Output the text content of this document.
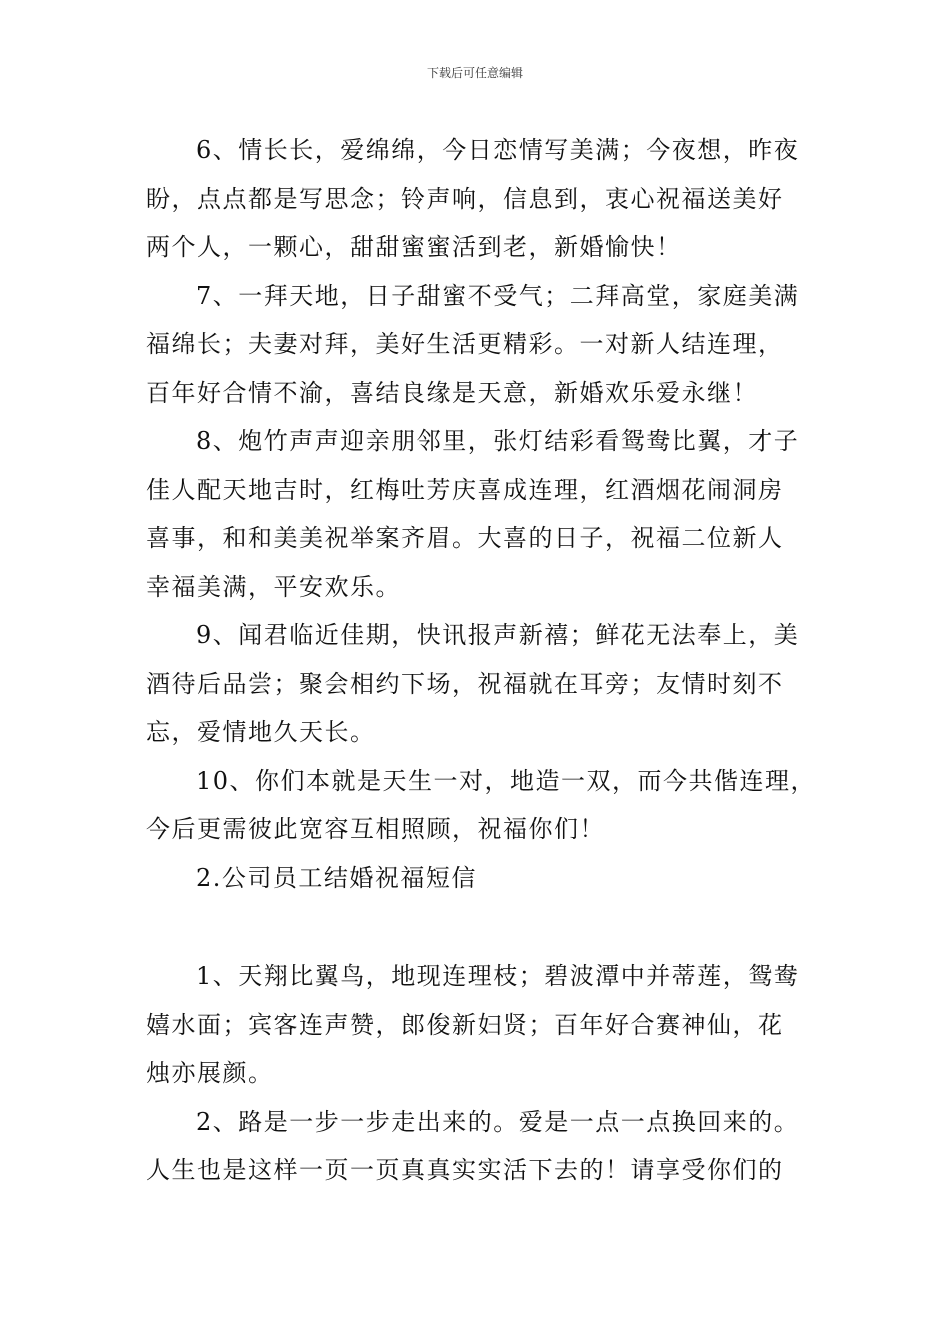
下载后可任意编辑

6、情长长，爱绵绵，今日恋情写美满；今夜想，昨夜
盼，点点都是写思念；铃声响，信息到，衷心祝福送美好
两个人，一颗心，甜甜蜜蜜活到老，新婚愉快！

7、一拜天地，日子甜蜜不受气；二拜高堂，家庭美满
福绵长；夫妻对拜，美好生活更精彩。一对新人结连理，
百年好合情不渝，喜结良缘是天意，新婚欢乐爱永继！

8、炮竹声声迎亲朋邻里，张灯结彩看鸳鸯比翼，才子
佳人配天地吉时，红梅吐芳庆喜成连理，红酒烟花闹洞房
喜事，和和美美祝举案齐眉。大喜的日子，祝福二位新人
幸福美满，平安欢乐。

9、闻君临近佳期，快讯报声新禧；鲜花无法奉上，美
酒待后品尝；聚会相约下场，祝福就在耳旁；友情时刻不
忘，爱情地久天长。

10、你们本就是天生一对，地造一双，而今共偕连理，
今后更需彼此宽容互相照顾，祝福你们！

2.公司员工结婚祝福短信

1、天翔比翼鸟，地现连理枝；碧波潭中并蒂莲，鸳鸯
嬉水面；宾客连声赞，郎俊新妇贤；百年好合赛神仙，花
烛亦展颜。

2、路是一步一步走出来的。爱是一点一点换回来的。
人生也是这样一页一页真真实实活下去的！请享受你们的
